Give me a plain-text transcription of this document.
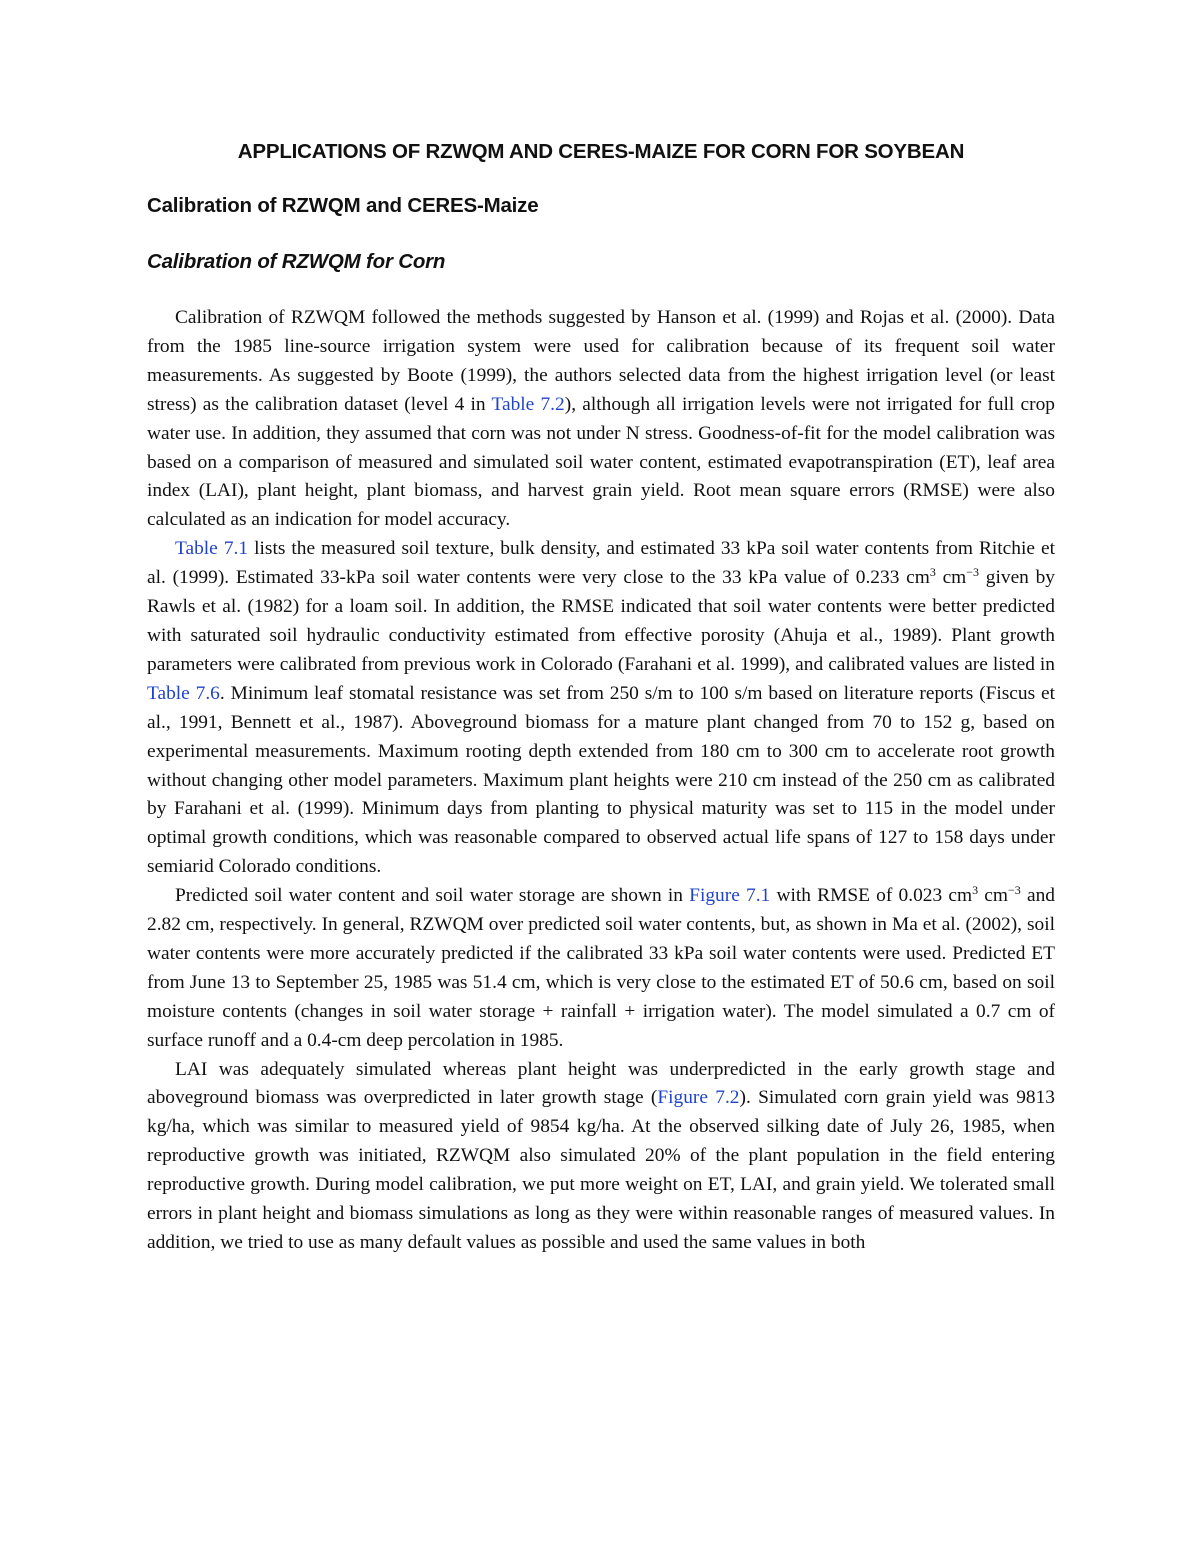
APPLICATIONS OF RZWQM AND CERES-MAIZE FOR CORN FOR SOYBEAN
Calibration of RZWQM and CERES-Maize
Calibration of RZWQM for Corn

Calibration of RZWQM followed the methods suggested by Hanson et al. (1999) and Rojas et al. (2000). Data from the 1985 line-source irrigation system were used for calibration because of its frequent soil water measurements. As suggested by Boote (1999), the authors selected data from the highest irrigation level (or least stress) as the calibration dataset (level 4 in Table 7.2), although all irrigation levels were not irrigated for full crop water use. In addition, they assumed that corn was not under N stress. Goodness-of-fit for the model calibration was based on a comparison of measured and simulated soil water content, estimated evapotranspiration (ET), leaf area index (LAI), plant height, plant biomass, and harvest grain yield. Root mean square errors (RMSE) were also calculated as an indication for model accuracy.

Table 7.1 lists the measured soil texture, bulk density, and estimated 33 kPa soil water contents from Ritchie et al. (1999). Estimated 33-kPa soil water contents were very close to the 33 kPa value of 0.233 $cm^3$ $cm^{-3}$ given by Rawls et al. (1982) for a loam soil. In addition, the RMSE indicated that soil water contents were better predicted with saturated soil hydraulic conductivity estimated from effective porosity (Ahuja et al., 1989). Plant growth parameters were calibrated from previous work in Colorado (Farahani et al. 1999), and calibrated values are listed in Table 7.6. Minimum leaf stomatal resistance was set from 250 s/m to 100 s/m based on literature reports (Fiscus et al., 1991, Bennett et al., 1987). Aboveground biomass for a mature plant changed from 70 to 152 g, based on experimental measurements. Maximum rooting depth extended from 180 cm to 300 cm to accelerate root growth without changing other model parameters. Maximum plant heights were 210 cm instead of the 250 cm as calibrated by Farahani et al. (1999). Minimum days from planting to physical maturity was set to 115 in the model under optimal growth conditions, which was reasonable compared to observed actual life spans of 127 to 158 days under semiarid Colorado conditions.

Predicted soil water content and soil water storage are shown in Figure 7.1 with RMSE of 0.023 $cm^3$ $cm^{-3}$ and 2.82 cm, respectively. In general, RZWQM over predicted soil water contents, but, as shown in Ma et al. (2002), soil water contents were more accurately predicted if the calibrated 33 kPa soil water contents were used. Predicted ET from June 13 to September 25, 1985 was 51.4 cm, which is very close to the estimated ET of 50.6 cm, based on soil moisture contents (changes in soil water storage + rainfall + irrigation water). The model simulated a 0.7 cm of surface runoff and a 0.4-cm deep percolation in 1985.

LAI was adequately simulated whereas plant height was underpredicted in the early growth stage and aboveground biomass was overpredicted in later growth stage (Figure 7.2). Simulated corn grain yield was 9813 kg/ha, which was similar to measured yield of 9854 kg/ha. At the observed silking date of July 26, 1985, when reproductive growth was initiated, RZWQM also simulated 20% of the plant population in the field entering reproductive growth. During model calibration, we put more weight on ET, LAI, and grain yield. We tolerated small errors in plant height and biomass simulations as long as they were within reasonable ranges of measured values. In addition, we tried to use as many default values as possible and used the same values in both
